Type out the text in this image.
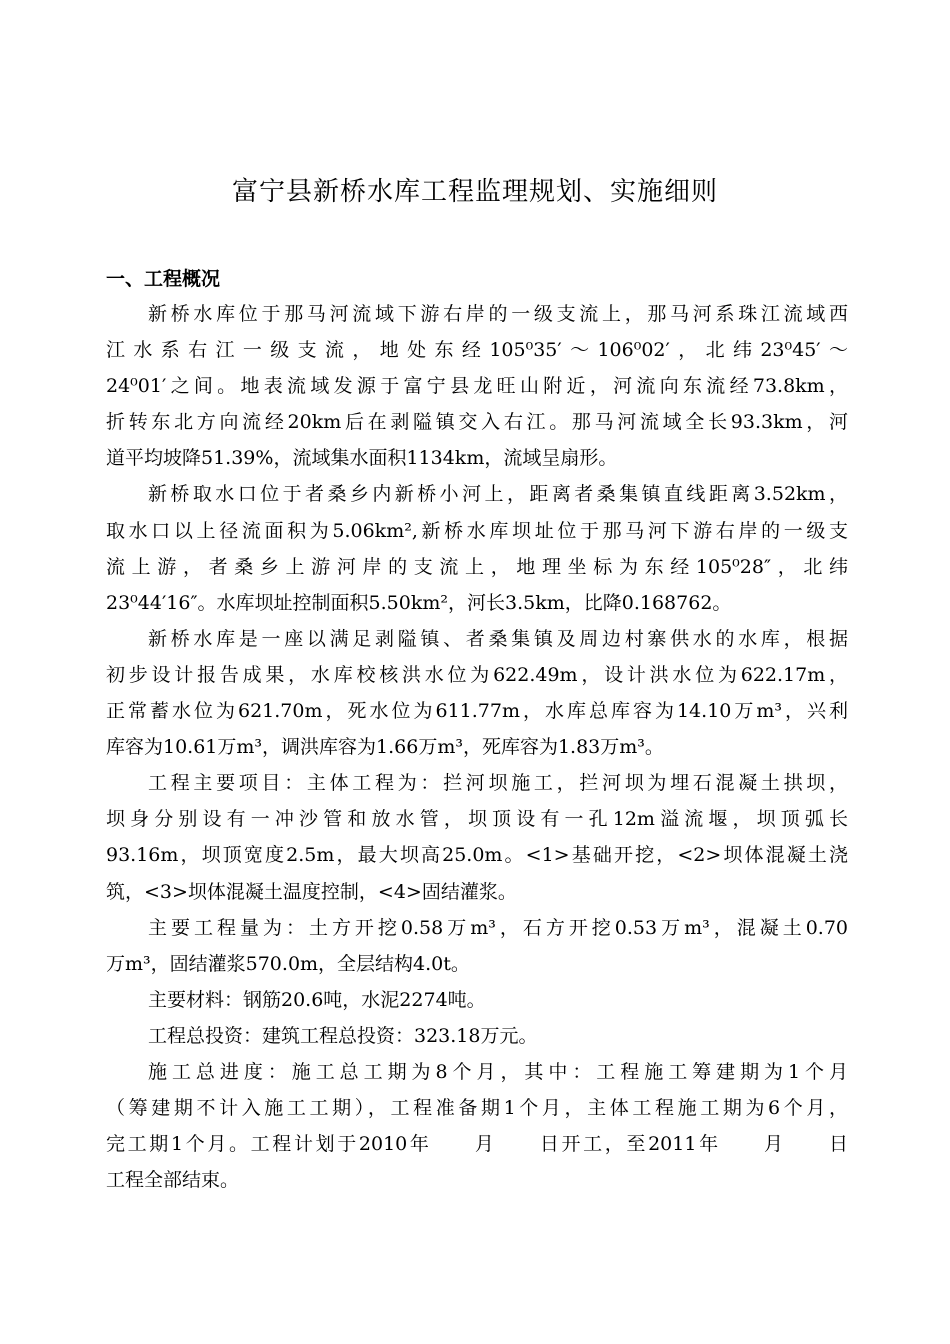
富宁县新桥水库工程监理规划、实施细则
一、工程概况
新桥水库位于那马河流域下游右岸的一级支流上，那马河系珠江流域西
江水系右江一级支流，地处东经105⁰35′～106⁰02′，北纬23⁰45′～
24⁰01′之间。地表流域发源于富宁县龙旺山附近，河流向东流经73.8km，
折转东北方向流经20km后在剥隘镇交入右江。那马河流域全长93.3km，河
道平均坡降51.39%，流域集水面积1134km，流域呈扇形。
新桥取水口位于者桑乡内新桥小河上，距离者桑集镇直线距离3.52km，
取水口以上径流面积为5.06km²,新桥水库坝址位于那马河下游右岸的一级支
流上游，者桑乡上游河岸的支流上，地理坐标为东经105⁰28″，北纬
23⁰44′16″。水库坝址控制面积5.50km²，河长3.5km，比降0.168762。
新桥水库是一座以满足剥隘镇、者桑集镇及周边村寨供水的水库，根据
初步设计报告成果，水库校核洪水位为622.49m，设计洪水位为622.17m，
正常蓄水位为621.70m，死水位为611.77m，水库总库容为14.10万m³，兴利
库容为10.61万m³，调洪库容为1.66万m³，死库容为1.83万m³。
工程主要项目：主体工程为：拦河坝施工，拦河坝为埋石混凝土拱坝，
坝身分别设有一冲沙管和放水管，坝顶设有一孔12m溢流堰，坝顶弧长
93.16m，坝顶宽度2.5m，最大坝高25.0m。<1>基础开挖，<2>坝体混凝土浇
筑，<3>坝体混凝土温度控制，<4>固结灌浆。
主要工程量为：土方开挖0.58万m³，石方开挖0.53万m³，混凝土0.70
万m³，固结灌浆570.0m，全层结构4.0t。
主要材料：钢筋20.6吨，水泥2274吨。
工程总投资：建筑工程总投资：323.18万元。
施工总进度：施工总工期为8个月，其中：工程施工筹建期为1个月
（筹建期不计入施工工期），工程准备期1个月，主体工程施工期为6个月，
完工期1个月。工程计划于2010年　　月　　日开工，至2011年　　月　　日
工程全部结束。
